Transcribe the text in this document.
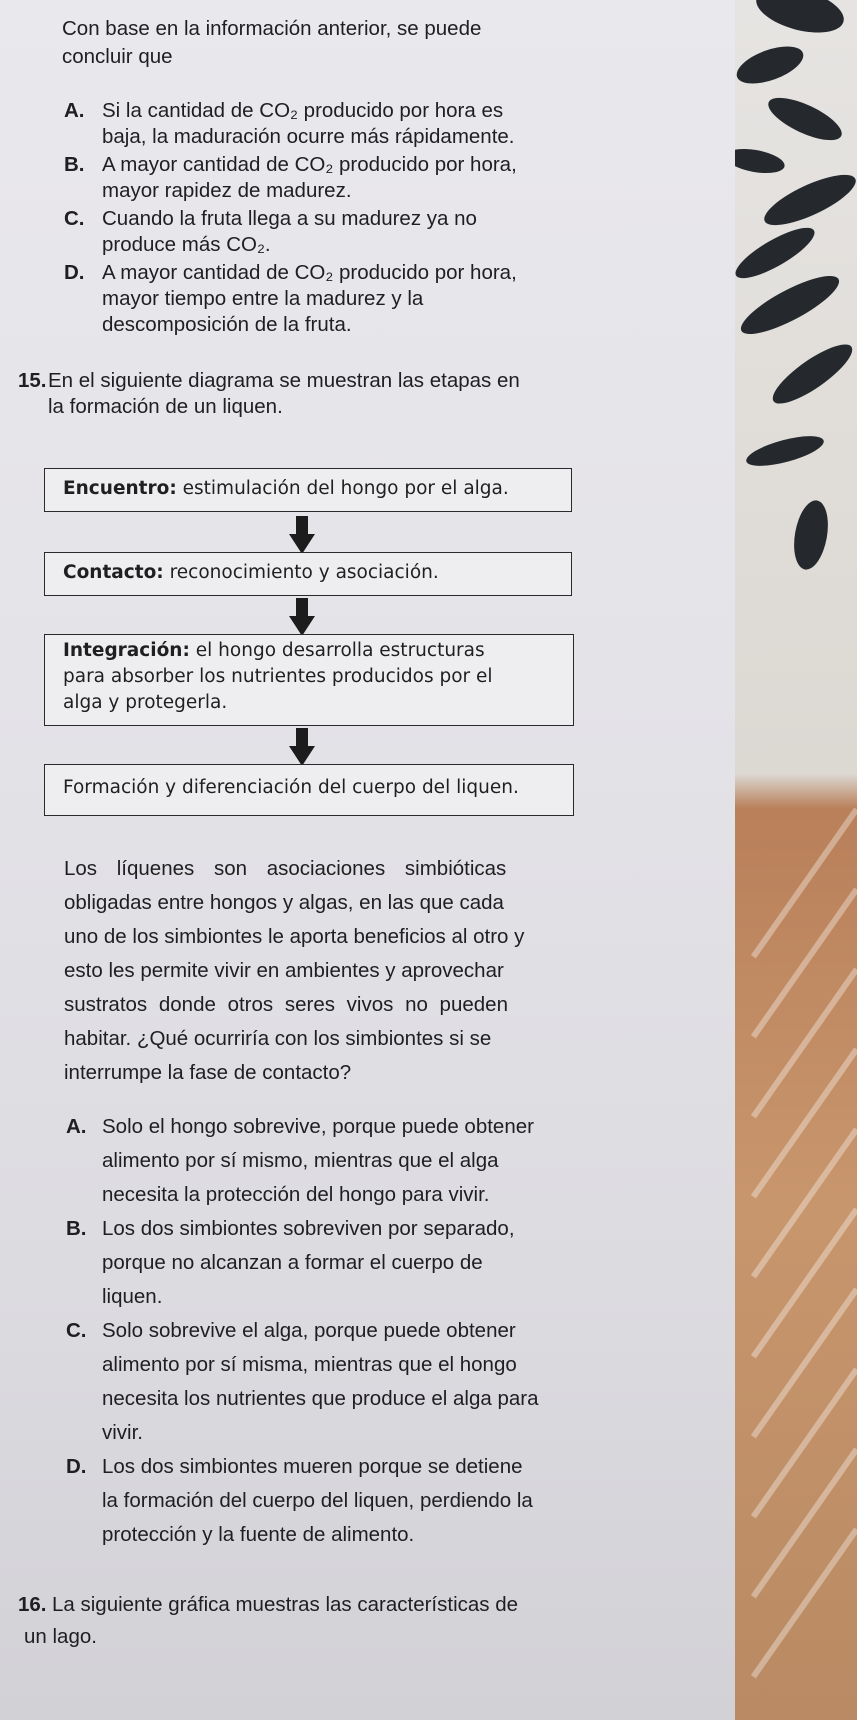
Con base en la información anterior, se puede
concluir que
A. Si la cantidad de CO₂ producido por hora es
baja, la maduración ocurre más rápidamente.
B. A mayor cantidad de CO₂ producido por hora,
mayor rapidez de madurez.
C. Cuando la fruta llega a su madurez ya no
produce más CO₂.
D. A mayor cantidad de CO₂ producido por hora,
mayor tiempo entre la madurez y la
descomposición de la fruta.
15. En el siguiente diagrama se muestran las etapas en
la formación de un liquen.
Encuentro: estimulación del hongo por el alga.
Contacto: reconocimiento y asociación.
Integración: el hongo desarrolla estructuras
para absorber los nutrientes producidos por el
alga y protegerla.
Formación y diferenciación del cuerpo del liquen.
Los líquenes son asociaciones simbióticas
obligadas entre hongos y algas, en las que cada
uno de los simbiontes le aporta beneficios al otro y
esto les permite vivir en ambientes y aprovechar
sustratos donde otros seres vivos no pueden
habitar. ¿Qué ocurriría con los simbiontes si se
interrumpe la fase de contacto?
A. Solo el hongo sobrevive, porque puede obtener
alimento por sí mismo, mientras que el alga
necesita la protección del hongo para vivir.
B. Los dos simbiontes sobreviven por separado,
porque no alcanzan a formar el cuerpo de
liquen.
C. Solo sobrevive el alga, porque puede obtener
alimento por sí misma, mientras que el hongo
necesita los nutrientes que produce el alga para
vivir.
D. Los dos simbiontes mueren porque se detiene
la formación del cuerpo del liquen, perdiendo la
protección y la fuente de alimento.
16. La siguiente gráfica muestras las características de
un lago.
